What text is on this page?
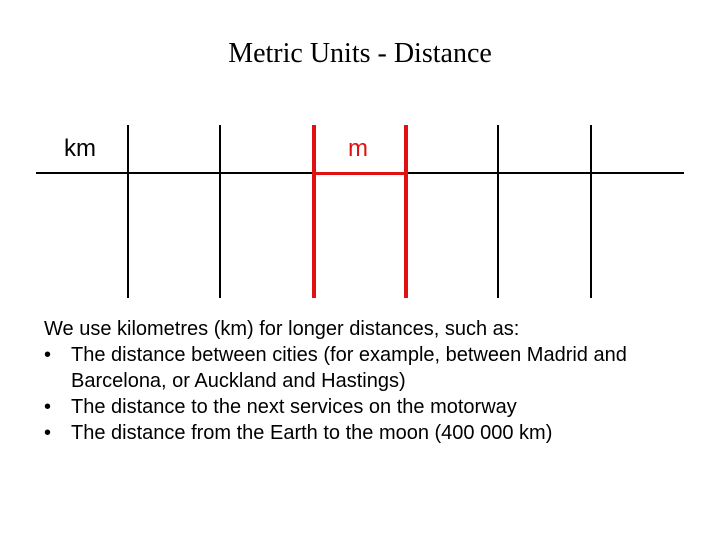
Metric Units - Distance
km	m

We use kilometres (km) for longer distances, such as:

• The distance between cities (for example, between Madrid and Barcelona, or Auckland and Hastings)
• The distance to the next services on the motorway
• The distance from the Earth to the moon (400 000 km)
